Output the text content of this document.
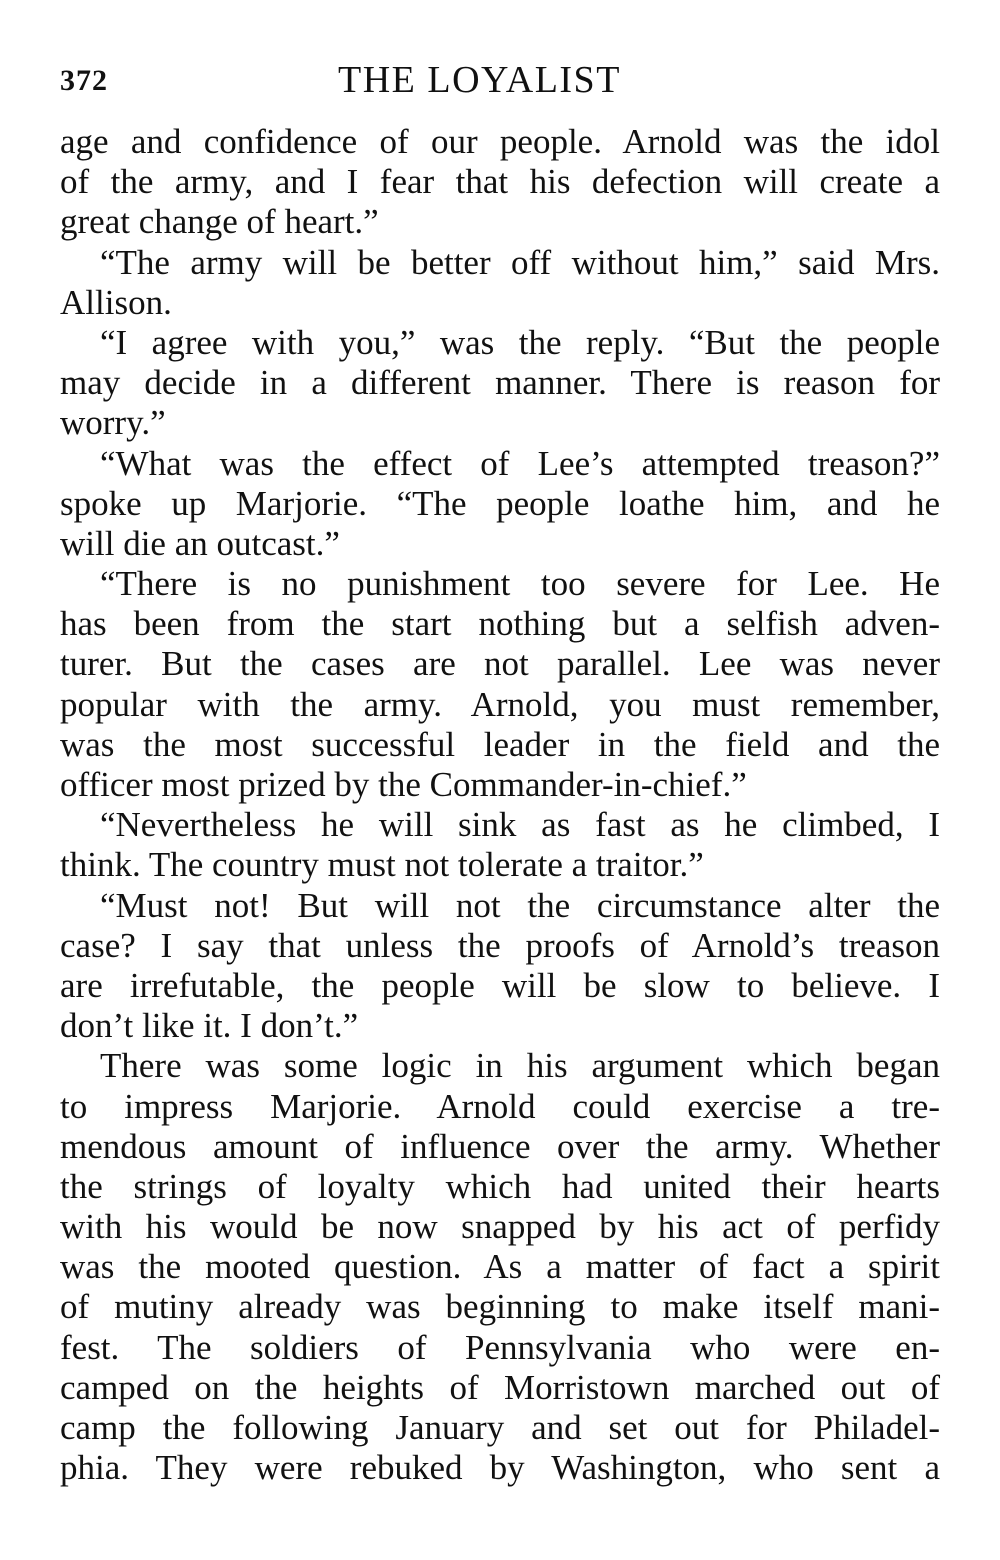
372	THE LOYALIST
age and confidence of our people. Arnold was the idol
of the army, and I fear that his defection will create a
great change of heart.”
“The army will be better off without him,” said Mrs.
Allison.
“I agree with you,” was the reply. “But the people
may decide in a different manner. There is reason for
worry.”
“What was the effect of Lee’s attempted treason?”
spoke up Marjorie. “The people loathe him, and he
will die an outcast.”
“There is no punishment too severe for Lee. He
has been from the start nothing but a selfish adven-
turer. But the cases are not parallel. Lee was never
popular with the army. Arnold, you must remember,
was the most successful leader in the field and the
officer most prized by the Commander-in-chief.”
“Nevertheless he will sink as fast as he climbed, I
think. The country must not tolerate a traitor.”
“Must not! But will not the circumstance alter the
case? I say that unless the proofs of Arnold’s treason
are irrefutable, the people will be slow to believe. I
don’t like it. I don’t.”
There was some logic in his argument which began
to impress Marjorie. Arnold could exercise a tre-
mendous amount of influence over the army. Whether
the strings of loyalty which had united their hearts
with his would be now snapped by his act of perfidy
was the mooted question. As a matter of fact a spirit
of mutiny already was beginning to make itself mani-
fest. The soldiers of Pennsylvania who were en-
camped on the heights of Morristown marched out of
camp the following January and set out for Philadel-
phia. They were rebuked by Washington, who sent a
